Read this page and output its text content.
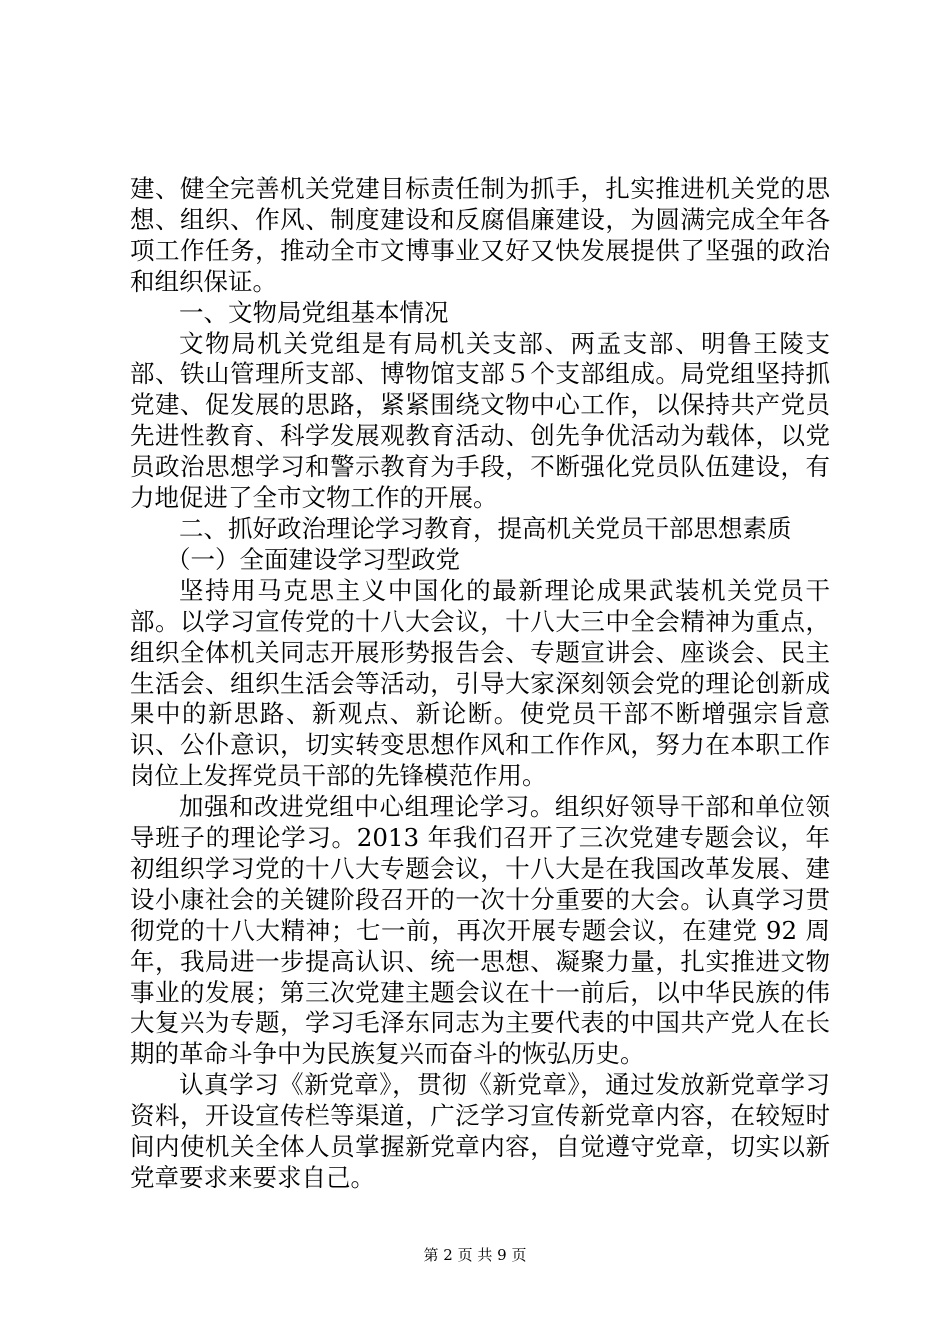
建、健全完善机关党建目标责任制为抓手，扎实推进机关党的思想、组织、作风、制度建设和反腐倡廉建设，为圆满完成全年各项工作任务，推动全市文博事业又好又快发展提供了坚强的政治和组织保证。

一、文物局党组基本情况

文物局机关党组是有局机关支部、两孟支部、明鲁王陵支部、铁山管理所支部、博物馆支部５个支部组成。局党组坚持抓党建、促发展的思路，紧紧围绕文物中心工作，以保持共产党员先进性教育、科学发展观教育活动、创先争优活动为载体，以党员政治思想学习和警示教育为手段，不断强化党员队伍建设，有力地促进了全市文物工作的开展。

二、抓好政治理论学习教育，提高机关党员干部思想素质

（一）全面建设学习型政党

坚持用马克思主义中国化的最新理论成果武装机关党员干部。以学习宣传党的十八大会议，十八大三中全会精神为重点，组织全体机关同志开展形势报告会、专题宣讲会、座谈会、民主生活会、组织生活会等活动，引导大家深刻领会党的理论创新成果中的新思路、新观点、新论断。使党员干部不断增强宗旨意识、公仆意识，切实转变思想作风和工作作风，努力在本职工作岗位上发挥党员干部的先锋模范作用。

加强和改进党组中心组理论学习。组织好领导干部和单位领导班子的理论学习。2013 年我们召开了三次党建专题会议，年初组织学习党的十八大专题会议，十八大是在我国改革发展、建设小康社会的关键阶段召开的一次十分重要的大会。认真学习贯彻党的十八大精神；七一前，再次开展专题会议，在建党 92 周年，我局进一步提高认识、统一思想、凝聚力量，扎实推进文物事业的发展；第三次党建主题会议在十一前后，以中华民族的伟大复兴为专题，学习毛泽东同志为主要代表的中国共产党人在长期的革命斗争中为民族复兴而奋斗的恢弘历史。

认真学习《新党章》，贯彻《新党章》，通过发放新党章学习资料，开设宣传栏等渠道，广泛学习宣传新党章内容，在较短时间内使机关全体人员掌握新党章内容，自觉遵守党章，切实以新党章要求来要求自己。

第 2 页 共 9 页
